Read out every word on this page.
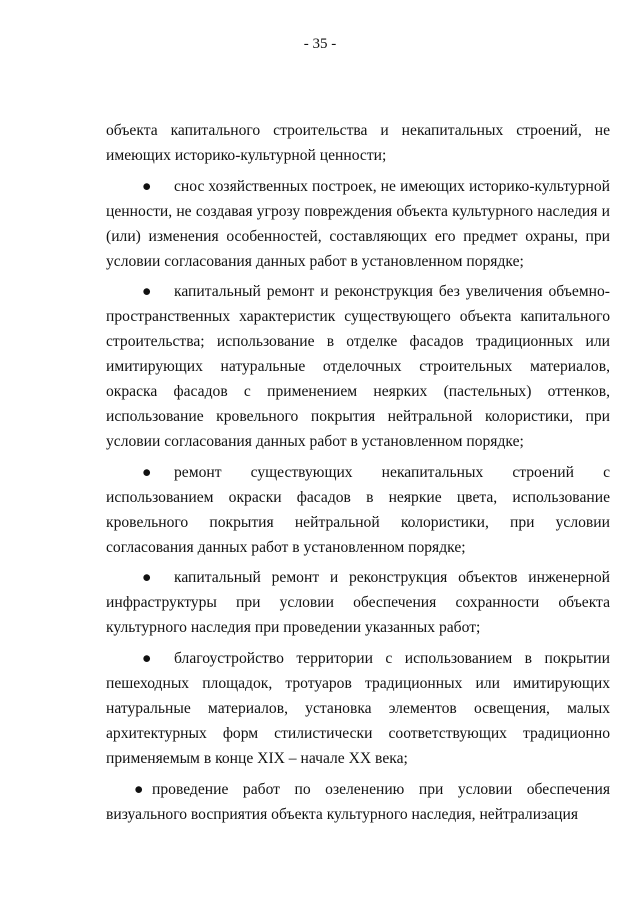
- 35 -

объекта капитального строительства и некапитальных строений, не имеющих историко-культурной ценности;

● снос хозяйственных построек, не имеющих историко-культурной ценности, не создавая угрозу повреждения объекта культурного наследия и (или) изменения особенностей, составляющих его предмет охраны, при условии согласования данных работ в установленном порядке;

● капитальный ремонт и реконструкция без увеличения объемно-пространственных характеристик существующего объекта капитального строительства; использование в отделке фасадов традиционных или имитирующих натуральные отделочных строительных материалов, окраска фасадов с применением неярких (пастельных) оттенков, использование кровельного покрытия нейтральной колористики, при условии согласования данных работ в установленном порядке;

● ремонт существующих некапитальных строений с использованием окраски фасадов в неяркие цвета, использование кровельного покрытия нейтральной колористики, при условии согласования данных работ в установленном порядке;

● капитальный ремонт и реконструкция объектов инженерной инфраструктуры при условии обеспечения сохранности объекта культурного наследия при проведении указанных работ;

● благоустройство территории с использованием в покрытии пешеходных площадок, тротуаров традиционных или имитирующих натуральные материалов, установка элементов освещения, малых архитектурных форм стилистически соответствующих традиционно применяемым в конце XIX – начале XX века;

● проведение работ по озеленению при условии обеспечения визуального восприятия объекта культурного наследия, нейтрализация
